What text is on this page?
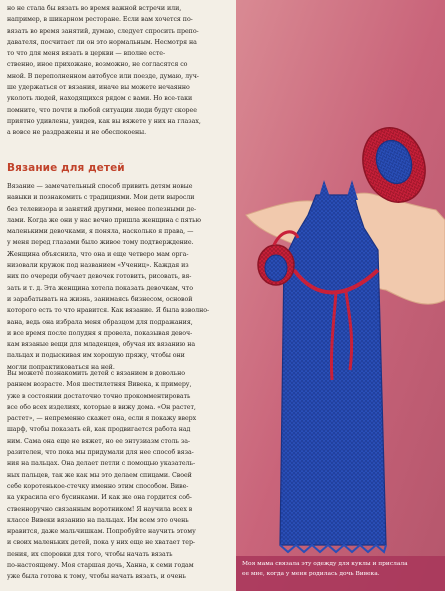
но не стала бы вязать во время важной встречи или,
например, в шикарном ресторане. Если вам хочется по-
вязать во время занятий, думаю, следует спросить препо-
давателя, посчитает ли он это нормальным. Несмотря на
то что для меня вязать в церкви — вполне есте-
ственно, иное прихожане, возможно, не согласятся со
мной. В переполненном автобусе или поезде, думаю, луч-
ше удержаться от вязания, иначе вы можете нечаянно
уколоть людей, находящихся рядом с вами. Но все-таки
помните, что почти в любой ситуации люди будут скорее
приятно удивлены, увидев, как вы вяжете у них на глазах,
а вовсе не раздражены и не обеспокоены.
Вязание — замечательный способ привить детям новые
навыки и познакомить с традициями. Мои дети выросли
без телевизора и занятий другими, менее полезными де-
лами. Когда же они у нас вечно пришла женщина с пятью
маленькими девочками, я поняла, насколько я права, —
у меня перед глазами было живое тому подтверждение.
Женщина объяснила, что она и еще четверо мам орга-
низовали кружок под названием «Учениц». Каждая из
них по очереди обучает девочек готовить, рисовать, вя-
зать и т. д. Эта женщина хотела показать девочкам, что
и зарабатывать на жизнь, занимаясь бизнесом, основой
которого есть то что нравится. Как вязание. Я была взволно-
вана, ведь она избрала меня образцом для подражания,
и все время после полудня я провела, показывая девоч-
кам вязаные вещи для младенцев, обучая их вязанию на
пальцах и подыскивая им хорошую пряжу, чтобы они
могли попрактиковаться на ней.
Вы можете познакомить детей с вязанием в довольно
раннем возрасте. Моя шестилетняя Вивека, к примеру,
уже в состоянии достаточно точно прокомментировать
все обо всех изделиях, которые в вижу дома. «Он растет,
растет», — непременно скажет она, если я покажу вверх
шарф, чтобы показать ей, как продвигается работа над
ним. Сама она еще не вяжет, но ее энтузиазм столь за-
разителен, что пока мы придумали для нее способ вяза-
ния на пальцах. Она делает петли с помощью указатель-
ных пальцев, так же как мы это делаем спицами. Своей
себе коротенькое-стечку именно этим способом. Виве-
ка украсила его бусинками. И как же она гордится соб-
ственноручно связанным воротником! Я научила всех в
классе Вивеки вязанию на пальцах. Им всем это очень
нравится, даже мальчишкам. Попробуйте научить этому
и своих маленьких детей, пока у них еще не хватает тер-
пения, их споровки для того, чтобы начать вязать
по-настоящему. Моя старшая дочь, Ханна, к семи годам
уже была готова к тому, чтобы начать вязать, и очень
Вязание для детей
Моя мама связала эту одежду для куклы и прислала
ее мне, когда у меня родилась дочь Вивека.
